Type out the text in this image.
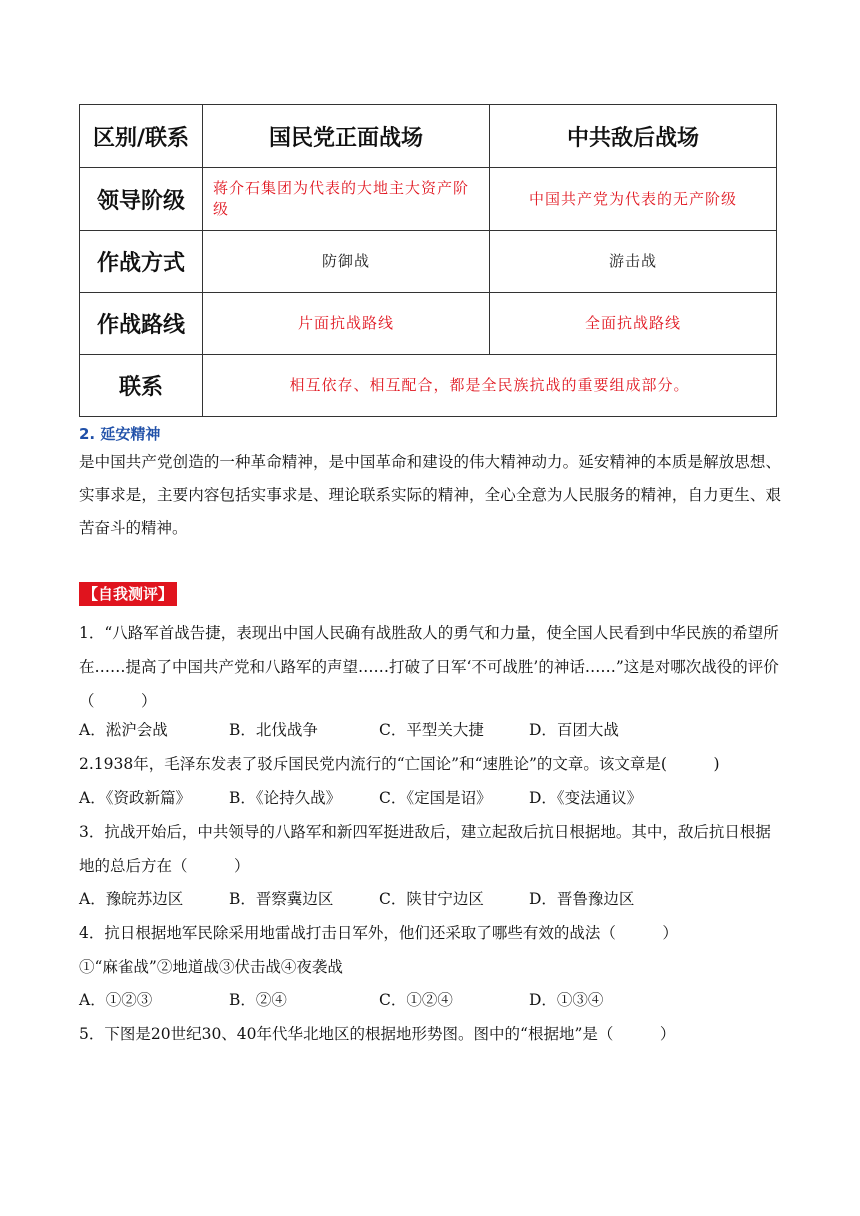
区别/联系	国民党正面战场	中共敌后战场
领导阶级	蒋介石集团为代表的大地主大资产阶级	中国共产党为代表的无产阶级
作战方式	防御战	游击战
作战路线	片面抗战路线	全面抗战路线
联系	相互依存、相互配合，都是全民族抗战的重要组成部分。	
2. 延安精神
是中国共产党创造的一种革命精神，是中国革命和建设的伟大精神动力。延安精神的本质是解放思想、实事求是，主要内容包括实事求是、理论联系实际的精神，全心全意为人民服务的精神，自力更生、艰苦奋斗的精神。
【自我测评】
1．“八路军首战告捷，表现出中国人民确有战胜敌人的勇气和力量，使全国人民看到中华民族的希望所在……提高了中国共产党和八路军的声望……打破了日军‘不可战胜’的神话……”这是对哪次战役的评价（　　　）
A．淞沪会战	B．北伐战争	C．平型关大捷	D．百团大战
2.1938年，毛泽东发表了驳斥国民党内流行的“亡国论”和“速胜论”的文章。该文章是(　　　)
A．《资政新篇》 B．《论持久战》 C．《定国是诏》 D．《变法通议》
3．抗战开始后，中共领导的八路军和新四军挺进敌后，建立起敌后抗日根据地。其中，敌后抗日根据地的总后方在（　　　）
A．豫皖苏边区	B．晋察冀边区	C．陕甘宁边区	D．晋鲁豫边区
4．抗日根据地军民除采用地雷战打击日军外，他们还采取了哪些有效的战法（　　　）
①“麻雀战”②地道战③伏击战④夜袭战
A．①②③	B．②④	C．①②④	D．①③④
5．下图是20世纪30、40年代华北地区的根据地形势图。图中的“根据地”是（　　　）
